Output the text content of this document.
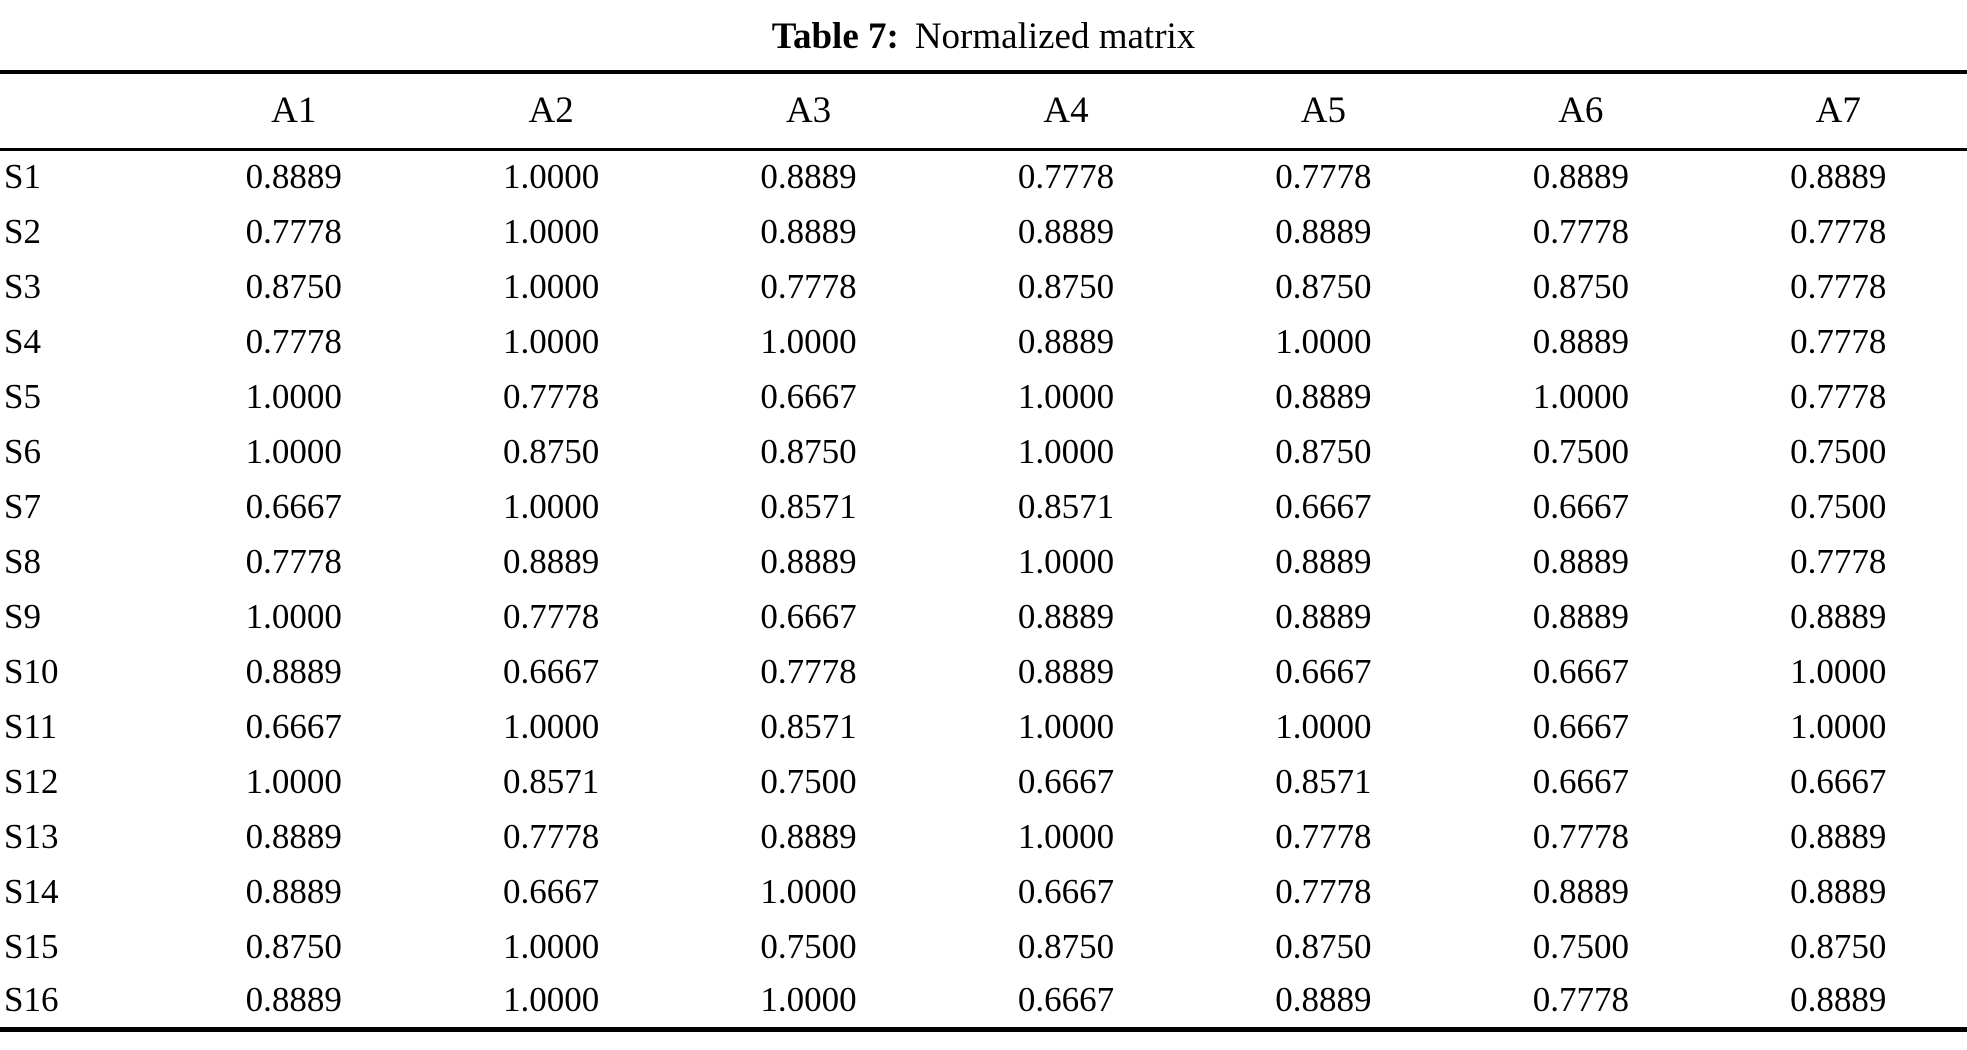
Table 7: Normalized matrix
	A1	A2	A3	A4	A5	A6	A7
S1	0.8889	1.0000	0.8889	0.7778	0.7778	0.8889	0.8889
S2	0.7778	1.0000	0.8889	0.8889	0.8889	0.7778	0.7778
S3	0.8750	1.0000	0.7778	0.8750	0.8750	0.8750	0.7778
S4	0.7778	1.0000	1.0000	0.8889	1.0000	0.8889	0.7778
S5	1.0000	0.7778	0.6667	1.0000	0.8889	1.0000	0.7778
S6	1.0000	0.8750	0.8750	1.0000	0.8750	0.7500	0.7500
S7	0.6667	1.0000	0.8571	0.8571	0.6667	0.6667	0.7500
S8	0.7778	0.8889	0.8889	1.0000	0.8889	0.8889	0.7778
S9	1.0000	0.7778	0.6667	0.8889	0.8889	0.8889	0.8889
S10	0.8889	0.6667	0.7778	0.8889	0.6667	0.6667	1.0000
S11	0.6667	1.0000	0.8571	1.0000	1.0000	0.6667	1.0000
S12	1.0000	0.8571	0.7500	0.6667	0.8571	0.6667	0.6667
S13	0.8889	0.7778	0.8889	1.0000	0.7778	0.7778	0.8889
S14	0.8889	0.6667	1.0000	0.6667	0.7778	0.8889	0.8889
S15	0.8750	1.0000	0.7500	0.8750	0.8750	0.7500	0.8750
S16	0.8889	1.0000	1.0000	0.6667	0.8889	0.7778	0.8889
